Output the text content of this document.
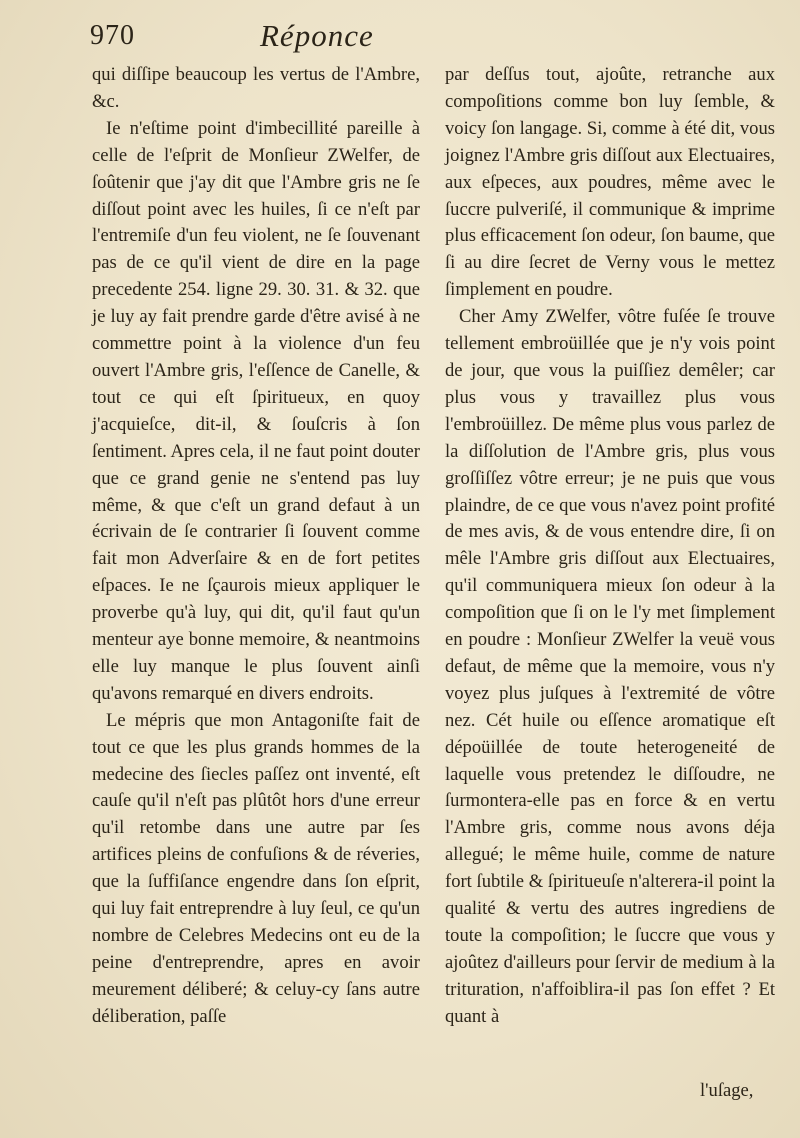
970	Réponce

qui diſſipe beaucoup les vertus de l'Ambre, &c.

Ie n'eſtime point d'imbecillité pareille à celle de l'eſprit de Monſieur ZWelfer, de ſoûtenir que j'ay dit que l'Ambre gris ne ſe diſſout point avec les huiles, ſi ce n'eſt par l'entremiſe d'un feu violent, ne ſe ſouvenant pas de ce qu'il vient de dire en la page precedente 254. ligne 29. 30. 31. & 32. que je luy ay fait prendre garde d'être avisé à ne commettre point à la violence d'un feu ouvert l'Ambre gris, l'eſſence de Canelle, & tout ce qui eſt ſpiritueux, en quoy j'acquieſce, dit-il, & ſouſcris à ſon ſentiment. Apres cela, il ne faut point douter que ce grand genie ne s'entend pas luy même, & que c'eſt un grand defaut à un écrivain de ſe contrarier ſi ſouvent comme fait mon Adverſaire & en de fort petites eſpaces. Ie ne ſçaurois mieux appliquer le proverbe qu'à luy, qui dit, qu'il faut qu'un menteur aye bonne memoire, & neantmoins elle luy manque le plus ſouvent ainſi qu'avons remarqué en divers endroits.

Le mépris que mon Antagoniſte fait de tout ce que les plus grands hommes de la medecine des ſiecles paſſez ont inventé, eſt cauſe qu'il n'eſt pas plûtôt hors d'une erreur qu'il retombe dans une autre par ſes artifices pleins de confuſions & de réveries, que la ſuffiſance engendre dans ſon eſprit, qui luy fait entreprendre à luy ſeul, ce qu'un nombre de Celebres Medecins ont eu de la peine d'entreprendre, apres en avoir meurement déliberé; & celuy-cy ſans autre déliberation, paſſe

par deſſus tout, ajoûte, retranche aux compoſitions comme bon luy ſemble, & voicy ſon langage. Si, comme à été dit, vous joignez l'Ambre gris diſſout aux Electuaires, aux eſpeces, aux poudres, même avec le ſuccre pulveriſé, il communique & imprime plus efficacement ſon odeur, ſon baume, que ſi au dire ſecret de Verny vous le mettez ſimplement en poudre.

Cher Amy ZWelfer, vôtre fuſée ſe trouve tellement embroüillée que je n'y vois point de jour, que vous la puiſſiez demêler; car plus vous y travaillez plus vous l'embroüillez. De même plus vous parlez de la diſſolution de l'Ambre gris, plus vous groſſiſſez vôtre erreur; je ne puis que vous plaindre, de ce que vous n'avez point profité de mes avis, & de vous entendre dire, ſi on mêle l'Ambre gris diſſout aux Electuaires, qu'il communiquera mieux ſon odeur à la compoſition que ſi on le l'y met ſimplement en poudre : Monſieur ZWelfer la veuë vous defaut, de même que la memoire, vous n'y voyez plus juſques à l'extremité de vôtre nez. Cét huile ou eſſence aromatique eſt dépoüillée de toute heterogeneité de laquelle vous pretendez le diſſoudre, ne ſurmontera-elle pas en force & en vertu l'Ambre gris, comme nous avons déja allegué; le même huile, comme de nature fort ſubtile & ſpiritueuſe n'alterera-il point la qualité & vertu des autres ingrediens de toute la compoſition; le ſuccre que vous y ajoûtez d'ailleurs pour ſervir de medium à la trituration, n'affoiblira-il pas ſon effet ? Et quant à

l'uſage,
